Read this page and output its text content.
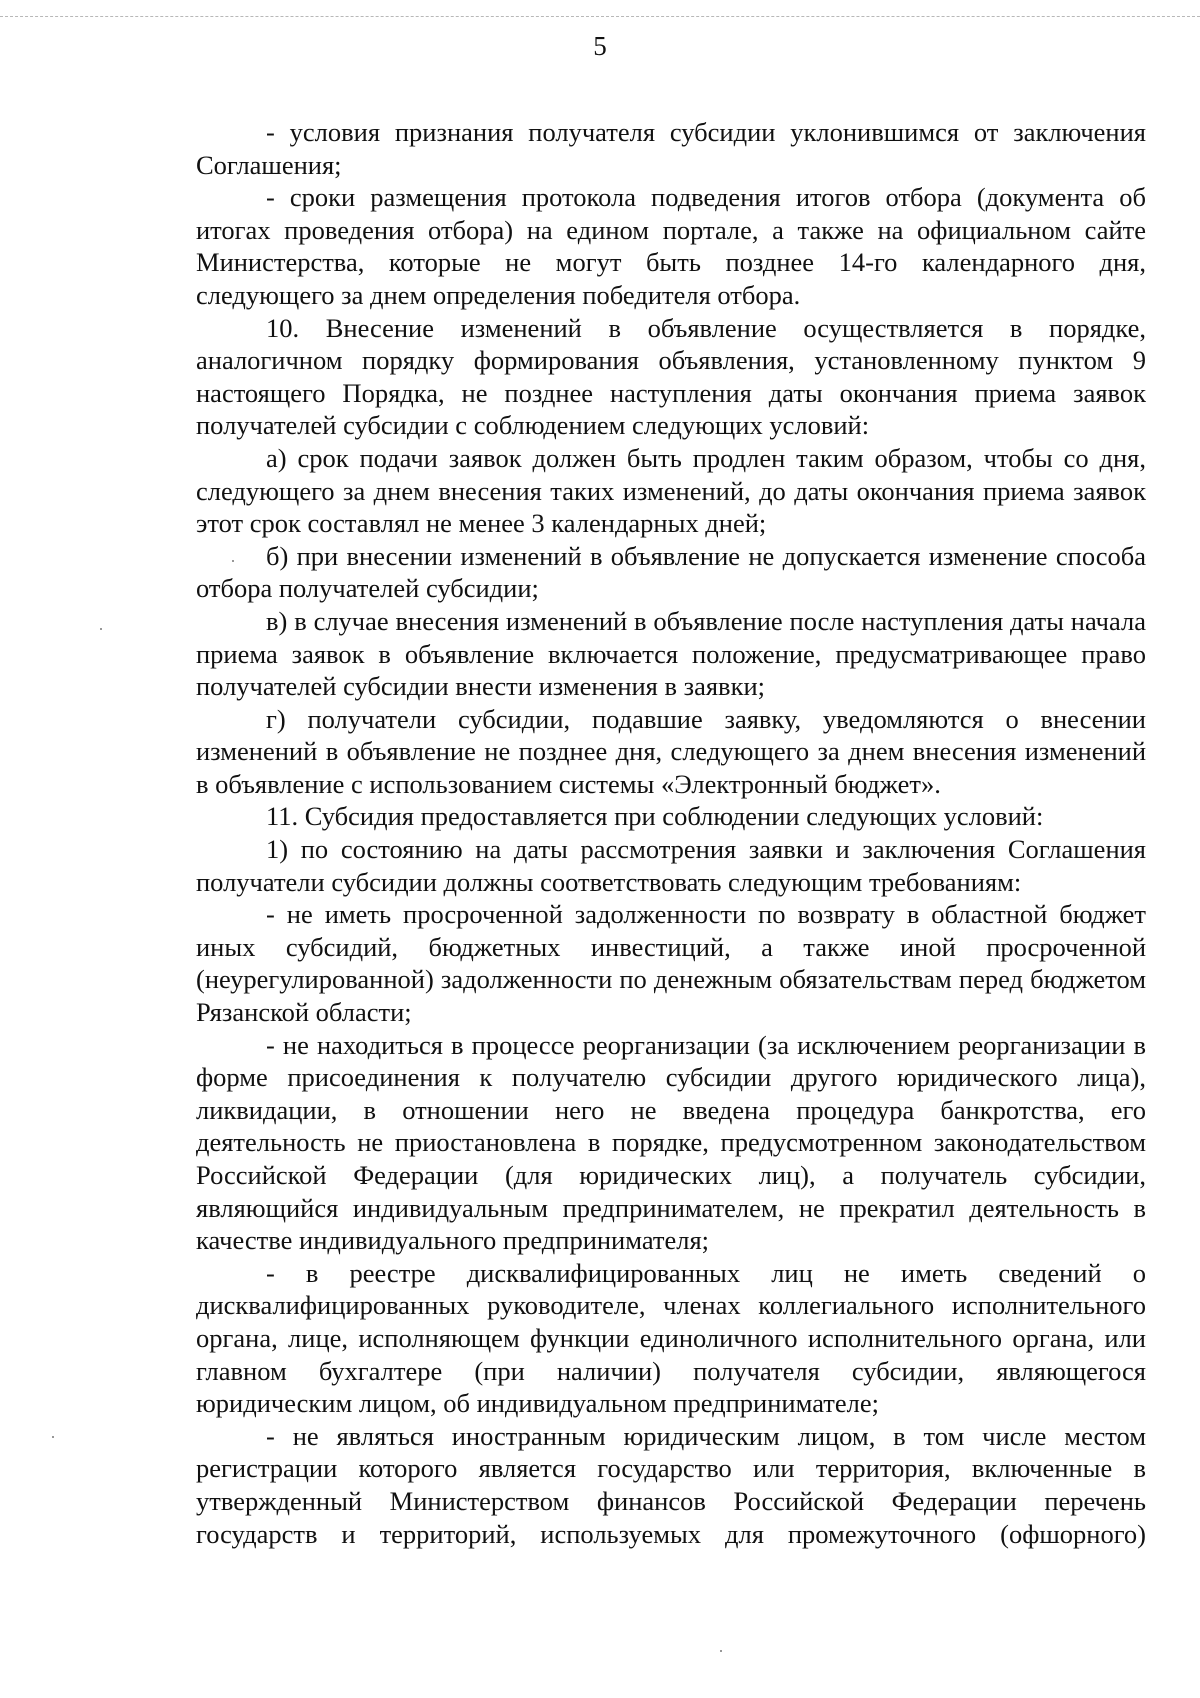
5

- условия признания получателя субсидии уклонившимся от заключения Соглашения;

- сроки размещения протокола подведения итогов отбора (документа об итогах проведения отбора) на едином портале, а также на официальном сайте Министерства, которые не могут быть позднее 14-го календарного дня, следующего за днем определения победителя отбора.

10. Внесение изменений в объявление осуществляется в порядке, аналогичном порядку формирования объявления, установленному пунктом 9 настоящего Порядка, не позднее наступления даты окончания приема заявок получателей субсидии с соблюдением следующих условий:

а) срок подачи заявок должен быть продлен таким образом, чтобы со дня, следующего за днем внесения таких изменений, до даты окончания приема заявок этот срок составлял не менее 3 календарных дней;

б) при внесении изменений в объявление не допускается изменение способа отбора получателей субсидии;

в) в случае внесения изменений в объявление после наступления даты начала приема заявок в объявление включается положение, предусматривающее право получателей субсидии внести изменения в заявки;

г) получатели субсидии, подавшие заявку, уведомляются о внесении изменений в объявление не позднее дня, следующего за днем внесения изменений в объявление с использованием системы «Электронный бюджет».

11. Субсидия предоставляется при соблюдении следующих условий:

1) по состоянию на даты рассмотрения заявки и заключения Соглашения получатели субсидии должны соответствовать следующим требованиям:

- не иметь просроченной задолженности по возврату в областной бюджет иных субсидий, бюджетных инвестиций, а также иной просроченной (неурегулированной) задолженности по денежным обязательствам перед бюджетом Рязанской области;

- не находиться в процессе реорганизации (за исключением реорганизации в форме присоединения к получателю субсидии другого юридического лица), ликвидации, в отношении него не введена процедура банкротства, его деятельность не приостановлена в порядке, предусмотренном законодательством Российской Федерации (для юридических лиц), а получатель субсидии, являющийся индивидуальным предпринимателем, не прекратил деятельность в качестве индивидуального предпринимателя;

- в реестре дисквалифицированных лиц не иметь сведений о дисквалифицированных руководителе, членах коллегиального исполнительного органа, лице, исполняющем функции единоличного исполнительного органа, или главном бухгалтере (при наличии) получателя субсидии, являющегося юридическим лицом, об индивидуальном предпринимателе;

- не являться иностранным юридическим лицом, в том числе местом регистрации которого является государство или территория, включенные в утвержденный Министерством финансов Российской Федерации перечень государств и территорий, используемых для промежуточного (офшорного)
